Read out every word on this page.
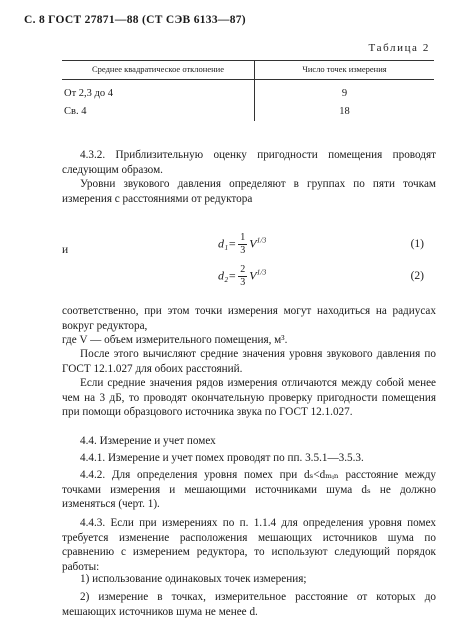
С. 8 ГОСТ 27871—88 (СТ СЭВ 6133—87)
Таблица 2
Среднее квадратическое отклонение	Число точек измерения
От 2,3 до 4	9
Св. 4	18

4.3.2. Приблизительную оценку пригодности помещения проводят следующим образом.

Уровни звукового давления определяют в группах по пяти точкам измерения с расстояниями от редуктора

$d_1= \frac{1}{3} V^{1/3}$	(1)
и
$d_2= \frac{2}{3} V^{1/3}$	(2)

соответственно, при этом точки измерения могут находиться на радиусах вокруг редуктора,

где V — объем измерительного помещения, м³.

После этого вычисляют средние значения уровня звукового давления по ГОСТ 12.1.027 для обоих расстояний.

Если средние значения рядов измерения отличаются между собой менее чем на 3 дБ, то проводят окончательную проверку пригодности помещения при помощи образцового источника звука по ГОСТ 12.1.027.

4.4. Измерение и учет помех

4.4.1. Измерение и учет помех проводят по пп. 3.5.1—3.5.3.

4.4.2. Для определения уровня помех при dₛ<dₘᵢₙ расстояние между точками измерения и мешающими источниками шума dₛ не должно изменяться (черт. 1).

4.4.3. Если при измерениях по п. 1.1.4 для определения уровня помех требуется изменение расположения мешающих источников шума по сравнению с измерением редуктора, то используют следующий порядок работы:

1) использование одинаковых точек измерения;

2) измерение в точках, измерительное расстояние от которых до мешающих источников шума не менее d.
